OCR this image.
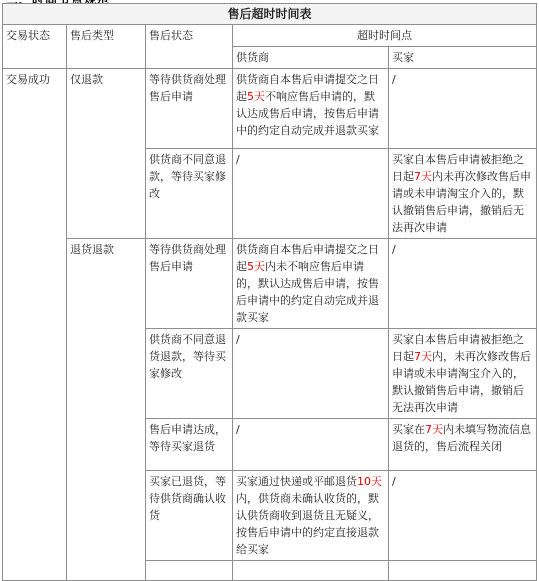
售后超时时间表				
交易状态	售后类型	售后状态	超时时间点	
			供货商	买家
交易成功	仅退款	等待供货商处理售后申请	供货商自本售后申请提交之日起5天不响应售后申请的，默认达成售后申请，按售后申请中的约定自动完成并退款买家	/
		供货商不同意退款，等待买家修改	/	买家自本售后申请被拒绝之日起7天内未再次修改售后申请或未申请淘宝介入的，默认撤销售后申请，撤销后无法再次申请
	退货退款	等待供货商处理售后申请	供货商自本售后申请提交之日起5天内未不响应售后申请的，默认达成售后申请，按售后申请中的约定自动完成并退款买家	/
		供货商不同意退货退款，等待买家修改	/	买家自本售后申请被拒绝之日起7天内，未再次修改售后申请或未申请淘宝介入的，默认撤销售后申请，撤销后无法再次申请
		售后申请达成，等待买家退货	/	买家在7天内未填写物流信息退货的，售后流程关闭
		买家已退货，等待供货商确认收货	买家通过快递或平邮退货10天内，供货商未确认收货的，默认供货商收到退货且无疑义，按售后申请中的约定直接退款给买家	/
